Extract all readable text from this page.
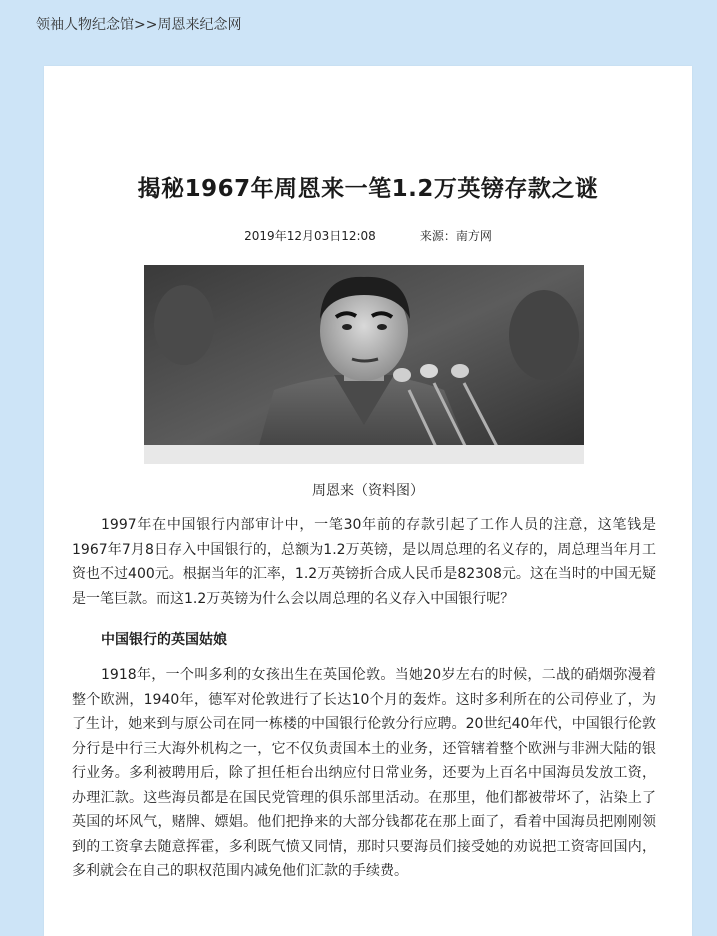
领袖人物纪念馆>>周恩来纪念网
揭秘1967年周恩来一笔1.2万英镑存款之谜
2019年12月03日12:08	来源：南方网
周恩来（资料图）

1997年在中国银行内部审计中，一笔30年前的存款引起了工作人员的注意，这笔钱是1967年7月8日存入中国银行的，总额为1.2万英镑，是以周总理的名义存的，周总理当年月工资也不过400元。根据当年的汇率，1.2万英镑折合成人民币是82308元。这在当时的中国无疑是一笔巨款。而这1.2万英镑为什么会以周总理的名义存入中国银行呢？

中国银行的英国姑娘

1918年，一个叫多利的女孩出生在英国伦敦。当她20岁左右的时候，二战的硝烟弥漫着整个欧洲，1940年，德军对伦敦进行了长达10个月的轰炸。这时多利所在的公司停业了，为了生计，她来到与原公司在同一栋楼的中国银行伦敦分行应聘。20世纪40年代，中国银行伦敦分行是中行三大海外机构之一，它不仅负责国本土的业务，还管辖着整个欧洲与非洲大陆的银行业务。多利被聘用后，除了担任柜台出纳应付日常业务，还要为上百名中国海员发放工资，办理汇款。这些海员都是在国民党管理的俱乐部里活动。在那里，他们都被带坏了，沾染上了英国的坏风气，赌牌、嫖娼。他们把挣来的大部分钱都花在那上面了，看着中国海员把刚刚领到的工资拿去随意挥霍，多利既气愤又同情，那时只要海员们接受她的劝说把工资寄回国内，多利就会在自己的职权范围内减免他们汇款的手续费。
